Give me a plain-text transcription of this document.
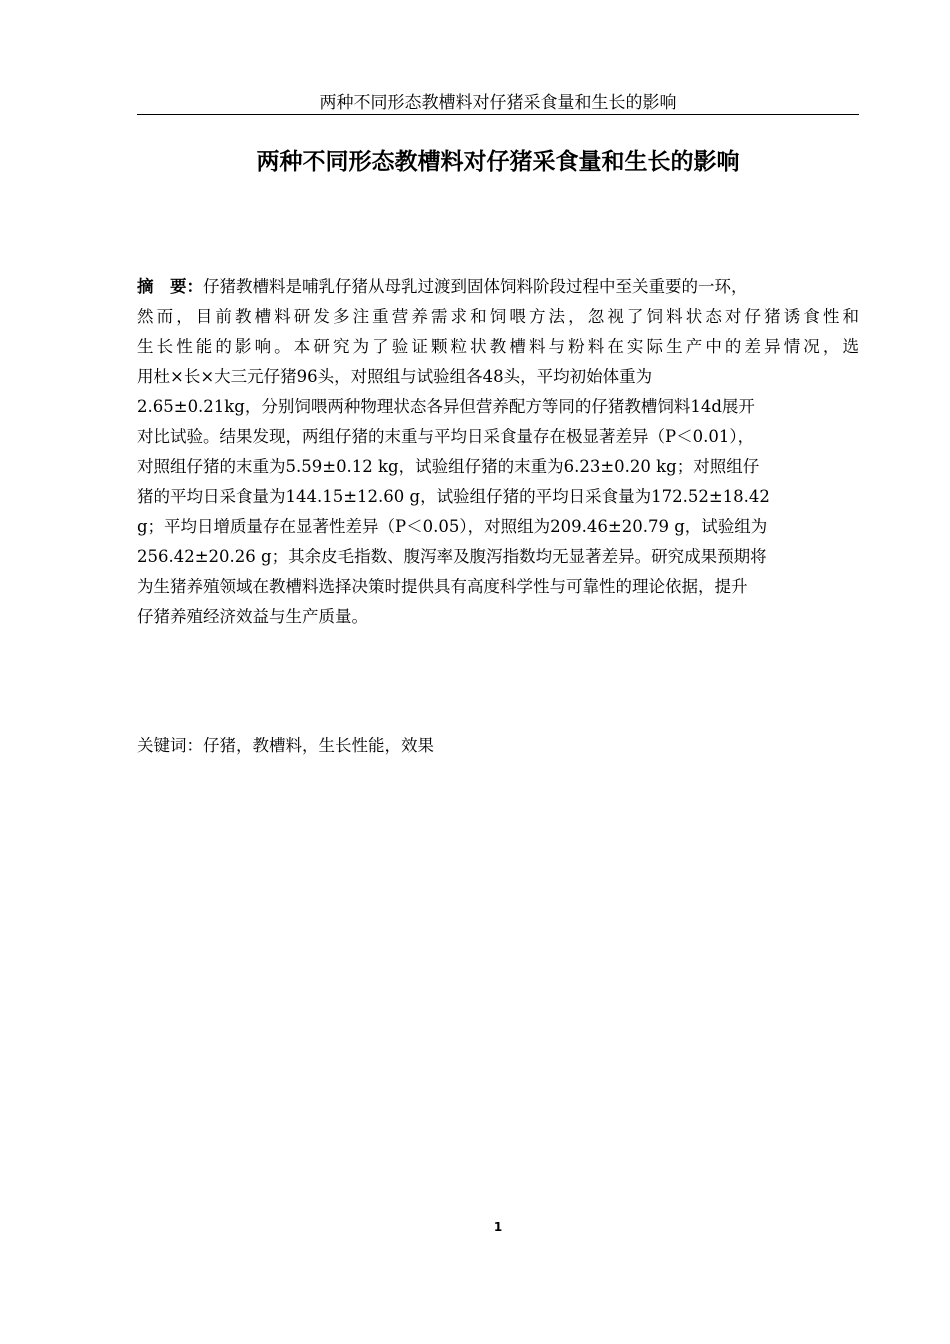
两种不同形态教槽料对仔猪采食量和生长的影响
两种不同形态教槽料对仔猪采食量和生长的影响
摘　要： 仔猪教槽料是哺乳仔猪从母乳过渡到固体饲料阶段过程中至关重要的一环，
然而，目前教槽料研发多注重营养需求和饲喂方法，忽视了饲料状态对仔猪诱食性和
生长性能的影响。本研究为了验证颗粒状教槽料与粉料在实际生产中的差异情况，选
用杜×长×大三元仔猪96头，对照组与试验组各48头，平均初始体重为
2.65±0.21kg，分别饲喂两种物理状态各异但营养配方等同的仔猪教槽饲料14d展开
对比试验。结果发现，两组仔猪的末重与平均日采食量存在极显著差异（P＜0.01），
对照组仔猪的末重为5.59±0.12 kg，试验组仔猪的末重为6.23±0.20 kg；对照组仔
猪的平均日采食量为144.15±12.60 g，试验组仔猪的平均日采食量为172.52±18.42
g；平均日增质量存在显著性差异（P＜0.05），对照组为209.46±20.79 g，试验组为
256.42±20.26 g；其余皮毛指数、腹泻率及腹泻指数均无显著差异。研究成果预期将
为生猪养殖领域在教槽料选择决策时提供具有高度科学性与可靠性的理论依据，提升
仔猪养殖经济效益与生产质量。
关键词：仔猪，教槽料，生长性能，效果
1
